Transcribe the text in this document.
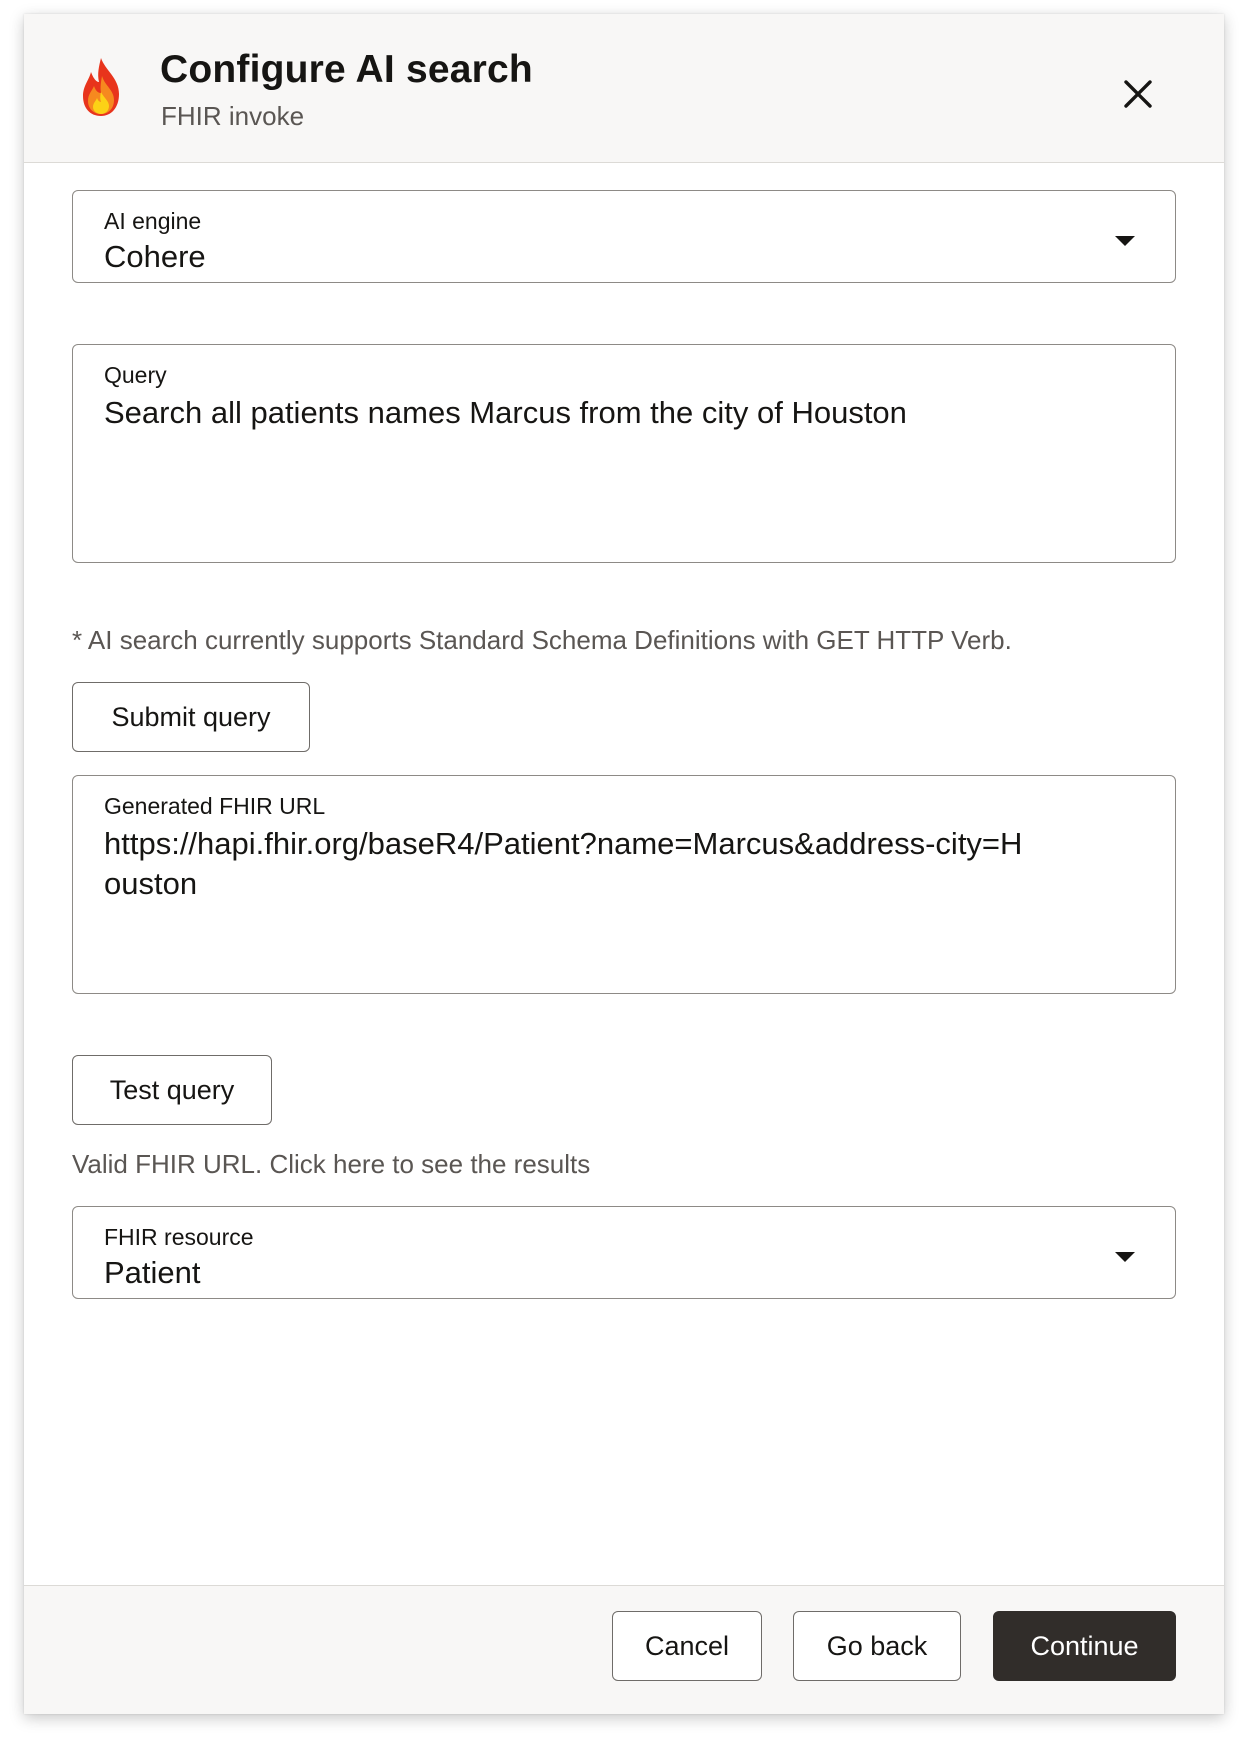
Configure AI search
FHIR invoke
AI engine
Cohere
Query
Search all patients names Marcus from the city of Houston
* AI search currently supports Standard Schema Definitions with GET HTTP Verb.
Submit query
Generated FHIR URL
https://hapi.fhir.org/baseR4/Patient?name=Marcus&address-city=Houston
Test query
Valid FHIR URL. Click here to see the results
FHIR resource
Patient
Cancel	Go back	Continue
